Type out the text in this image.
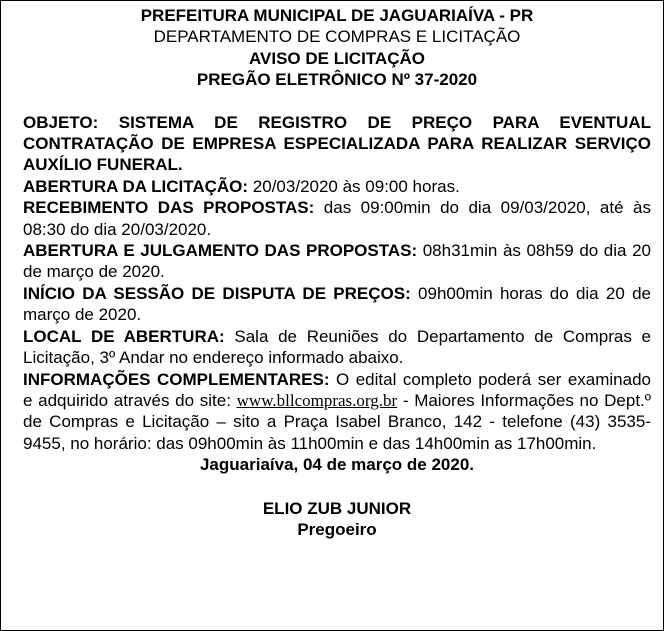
PREFEITURA MUNICIPAL DE JAGUARIAÍVA - PR
DEPARTAMENTO DE COMPRAS E LICITAÇÃO
AVISO DE LICITAÇÃO
PREGÃO ELETRÔNICO Nº 37-2020

OBJETO: SISTEMA DE REGISTRO DE PREÇO PARA EVENTUAL CONTRATAÇÃO DE EMPRESA ESPECIALIZADA PARA REALIZAR SERVIÇO AUXÍLIO FUNERAL.

ABERTURA DA LICITAÇÃO: 20/03/2020 às 09:00 horas.

RECEBIMENTO DAS PROPOSTAS: das 09:00min do dia 09/03/2020, até às 08:30 do dia 20/03/2020.

ABERTURA E JULGAMENTO DAS PROPOSTAS: 08h31min às 08h59 do dia 20 de março de 2020.

INÍCIO DA SESSÃO DE DISPUTA DE PREÇOS: 09h00min horas do dia 20 de março de 2020.

LOCAL DE ABERTURA: Sala de Reuniões do Departamento de Compras e Licitação, 3º Andar no endereço informado abaixo.

INFORMAÇÕES COMPLEMENTARES: O edital completo poderá ser examinado e adquirido através do site: www.bllcompras.org.br - Maiores Informações no Dept.º de Compras e Licitação – sito a Praça Isabel Branco, 142 - telefone (43) 3535-9455, no horário: das 09h00min às 11h00min e das 14h00min as 17h00min.

Jaguariaíva, 04 de março de 2020.
ELIO ZUB JUNIOR
Pregoeiro
